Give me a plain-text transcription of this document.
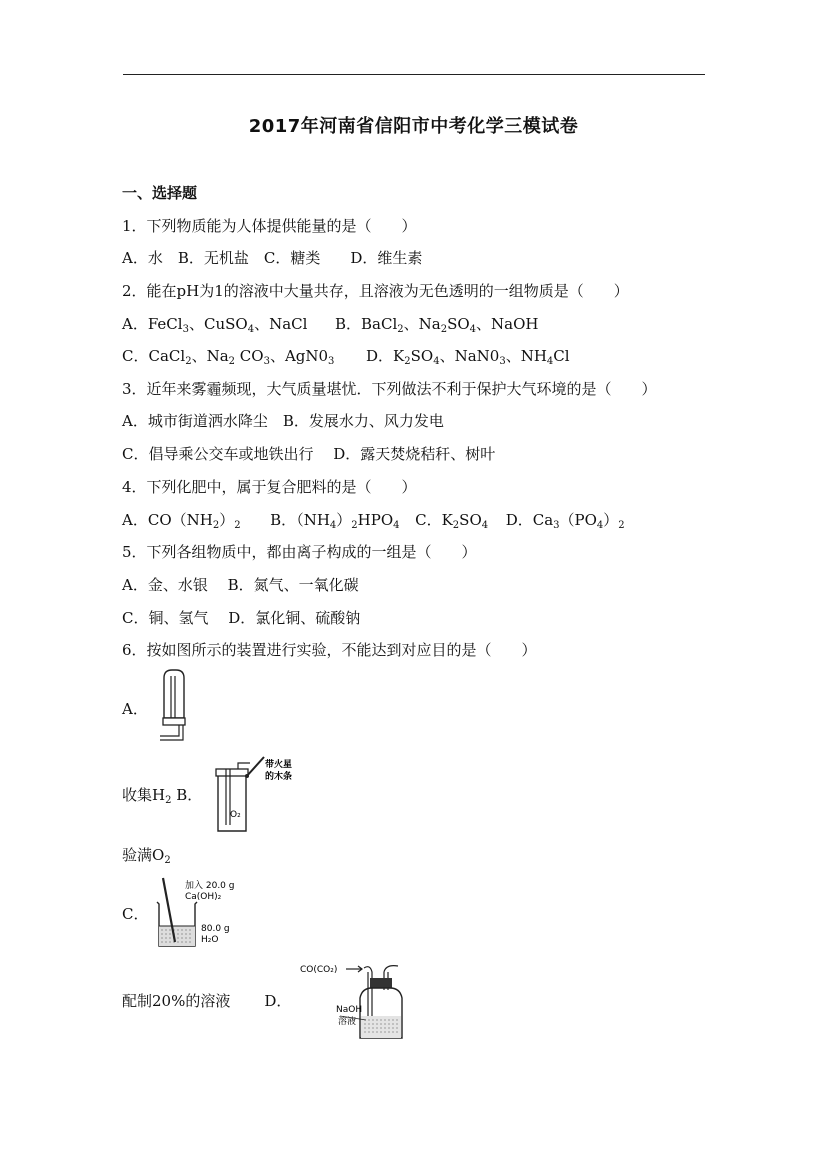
2017年河南省信阳市中考化学三模试卷
一、选择题
1．下列物质能为人体提供能量的是（　　）
A．水　B．无机盐　C．糖类　　D．维生素
2．能在pH为1的溶液中大量共存，且溶液为无色透明的一组物质是（　　）
A．FeCl$_3$、CuSO$_4$、NaCl B．BaCl$_2$、$Na_2SO_4$、NaOH
C．CaCl$_2$、$Na_2$ $CO_3$、$AgN0_3$ D．$K_2SO_4$、$NaN0_3$、$NH_4Cl$
3．近年来雾霾频现，大气质量堪忧．下列做法不利于保护大气环境的是（　　）
A．城市街道洒水降尘　B．发展水力、风力发电
C．倡导乘公交车或地铁出行　 D．露天焚烧秸秆、树叶
4．下列化肥中，属于复合肥料的是（　　）
A．$CO(NH_2)_2$ B．$(NH_4)_2HPO_4$ C．$K_2SO_4$ D．$Ca_3(PO_4)_2$
5．下列各组物质中，都由离子构成的一组是（　　）
A．金、水银　 B．氮气、一氧化碳
C．铜、氢气　 D．氯化铜、硫酸钠
6．按如图所示的装置进行实验，不能达到对应目的是（　　）
A．
收集$H_2$ B．
O₂
带火星
的木条
验满$O_2$
C．
加入 20.0 g
Ca(OH)₂
80.0 g
H₂O
配制20%的溶液 D．
CO(CO₂)
NaOH
溶液
